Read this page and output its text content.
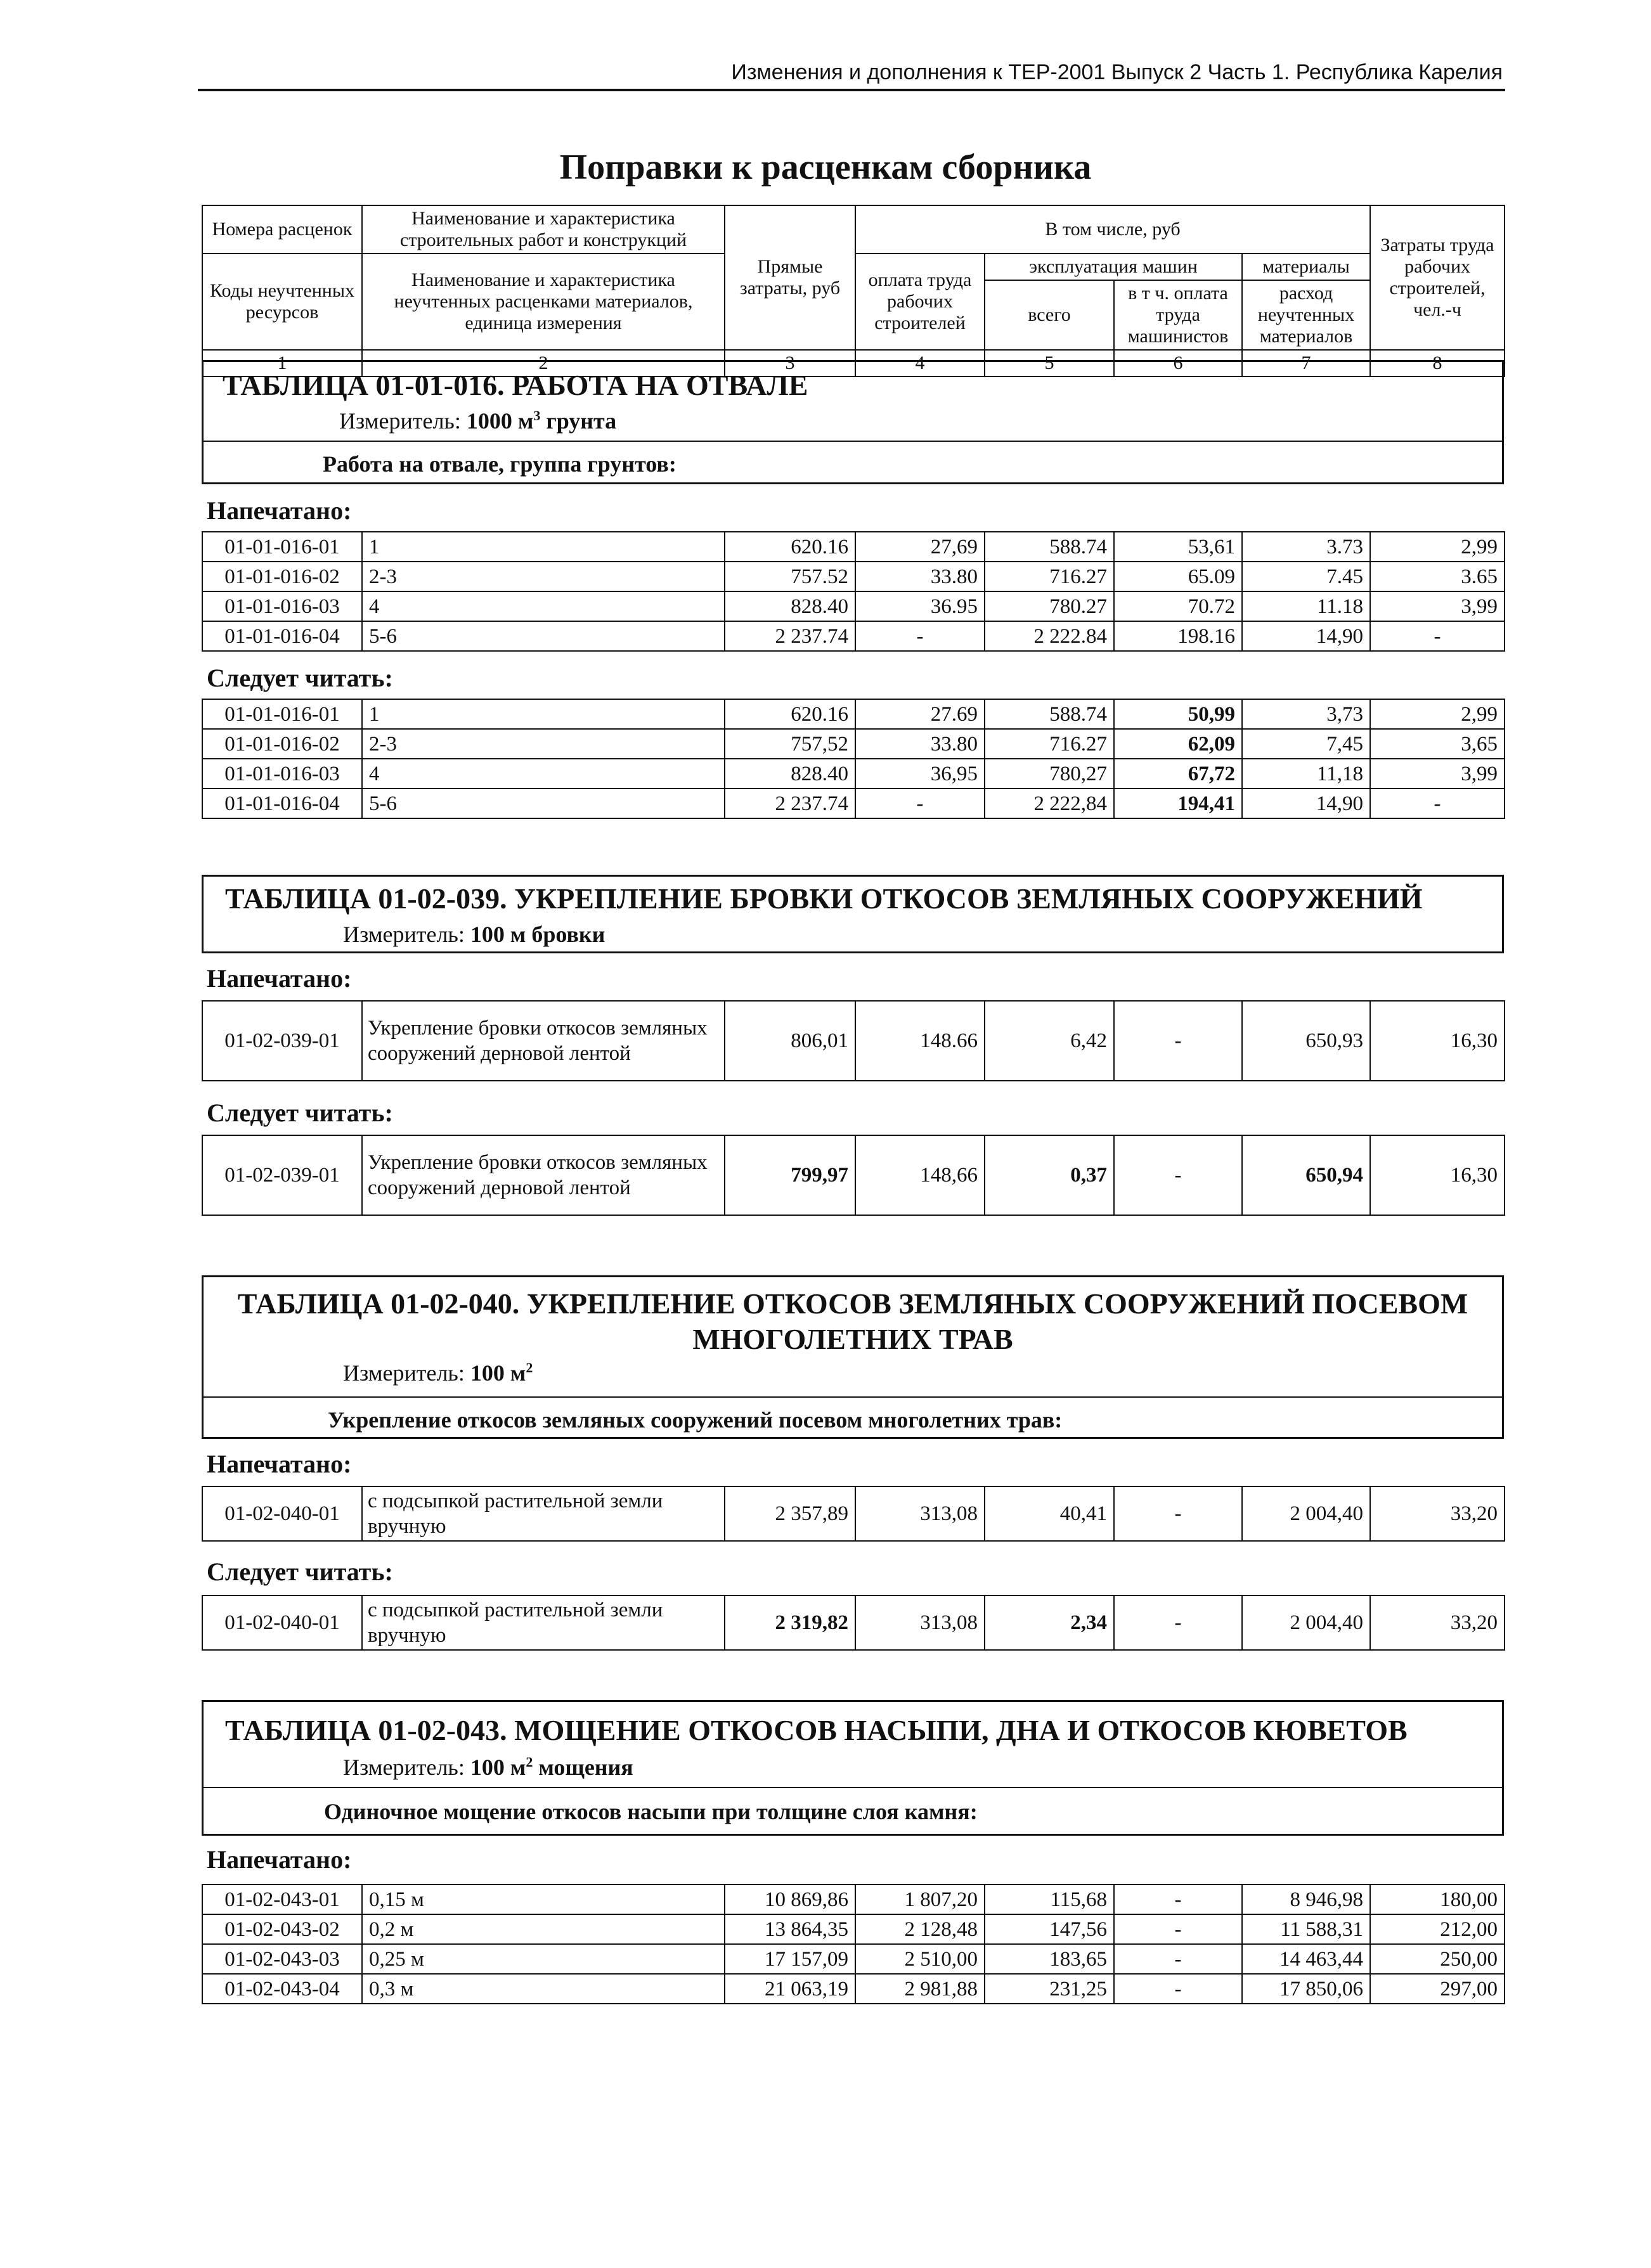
Изменения и дополнения к ТЕР-2001 Выпуск 2 Часть 1. Республика Карелия
Поправки к расценкам сборника
Номера расценок	Наименование и характеристика строительных работ и конструкций	Прямые затраты, руб	В том числе, руб				Затраты труда рабочих строителей, чел.-ч
Коды неучтенных ресурсов	Наименование и характеристика неучтенных расценками материалов, единица измерения		оплата труда рабочих строителей	эксплуатация машин		материалы	
				всего	в т ч. оплата труда машинистов	расход неучтенных материалов	
1	2	3	4	5	6	7	8
ТАБЛИЦА 01-01-016. РАБОТА НА ОТВАЛЕ
Измеритель: 1000 $м^3$ грунта
Работа на отвале, группа грунтов:
Напечатано:
01-01-016-01	1	620.16	27,69	588.74	53,61	3.73	2,99
01-01-016-02	2-3	757.52	33.80	716.27	65.09	7.45	3.65
01-01-016-03	4	828.40	36.95	780.27	70.72	11.18	3,99
01-01-016-04	5-6	2 237.74	-	2 222.84	198.16	14,90	-
Следует читать:
01-01-016-01	1	620.16	27.69	588.74	50,99	3,73	2,99
01-01-016-02	2-3	757,52	33.80	716.27	62,09	7,45	3,65
01-01-016-03	4	828.40	36,95	780,27	67,72	11,18	3,99
01-01-016-04	5-6	2 237.74	-	2 222,84	194,41	14,90	-
ТАБЛИЦА 01-02-039. УКРЕПЛЕНИЕ БРОВКИ ОТКОСОВ ЗЕМЛЯНЫХ СООРУЖЕНИЙ
Измеритель: 100 м бровки
Напечатано:
01-02-039-01	Укрепление бровки откосов земляных сооружений дерновой лентой	806,01	148.66	6,42	-	650,93	16,30
Следует читать:
01-02-039-01	Укрепление бровки откосов земляных сооружений дерновой лентой	799,97	148,66	0,37	-	650,94	16,30
ТАБЛИЦА 01-02-040. УКРЕПЛЕНИЕ ОТКОСОВ ЗЕМЛЯНЫХ СООРУЖЕНИЙ ПОСЕВОМ МНОГОЛЕТНИХ ТРАВ
Измеритель: 100 $м^2$
Укрепление откосов земляных сооружений посевом многолетних трав:
Напечатано:
01-02-040-01	с подсыпкой растительной земли вручную	2 357,89	313,08	40,41	-	2 004,40	33,20
Следует читать:
01-02-040-01	с подсыпкой растительной земли вручную	2 319,82	313,08	2,34	-	2 004,40	33,20
ТАБЛИЦА 01-02-043. МОЩЕНИЕ ОТКОСОВ НАСЫПИ, ДНА И ОТКОСОВ КЮВЕТОВ
Измеритель: 100 $м^2$ мощения
Одиночное мощение откосов насыпи при толщине слоя камня:
Напечатано:
01-02-043-01	0,15 м	10 869,86	1 807,20	115,68	-	8 946,98	180,00
01-02-043-02	0,2 м	13 864,35	2 128,48	147,56	-	11 588,31	212,00
01-02-043-03	0,25 м	17 157,09	2 510,00	183,65	-	14 463,44	250,00
01-02-043-04	0,3 м	21 063,19	2 981,88	231,25	-	17 850,06	297,00
